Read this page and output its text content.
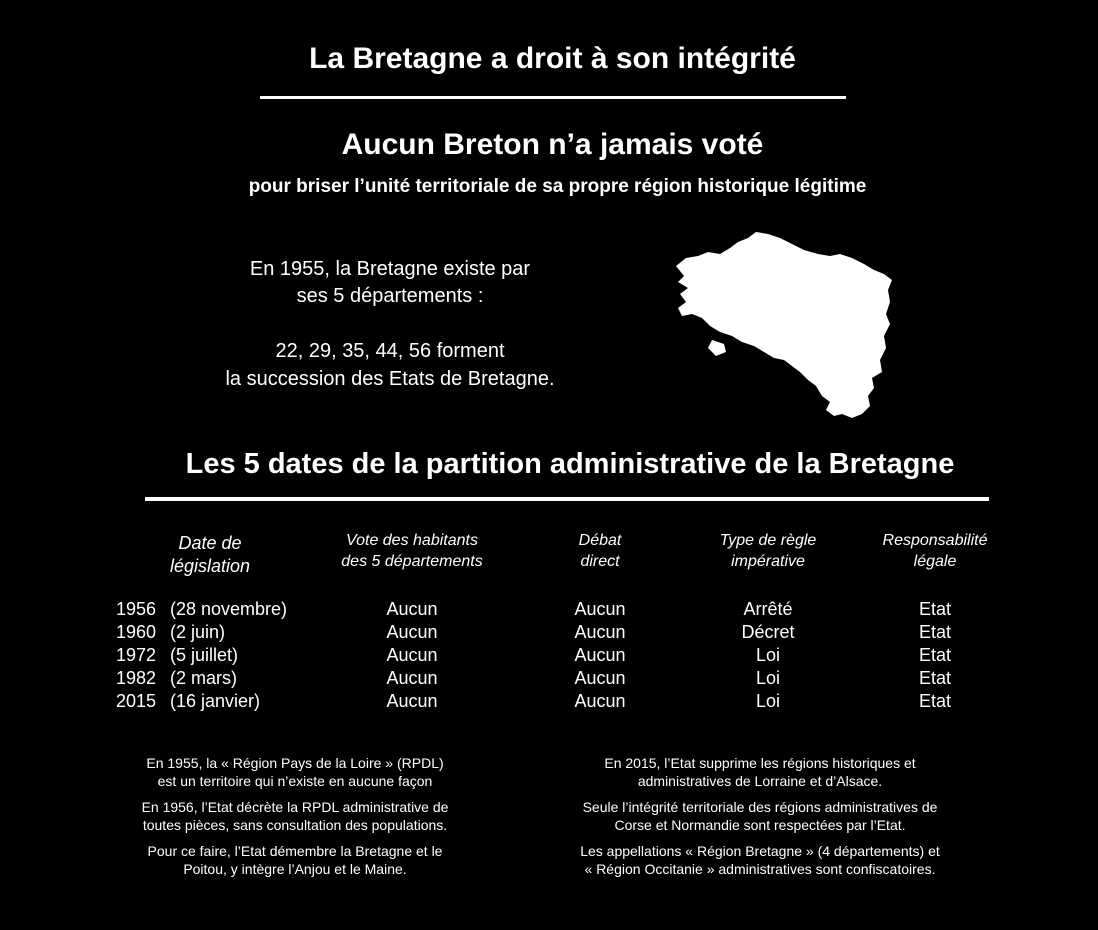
La Bretagne a droit à son intégrité
Aucun Breton n’a jamais voté
pour briser l’unité territoriale de sa propre région historique légitime
En 1955, la Bretagne existe par
ses 5 départements :
22, 29, 35, 44, 56 forment
la succession des Etats de Bretagne.
Les 5 dates de la partition administrative de la Bretagne
Date de
législation
Vote des habitants
des 5 départements
Débat
direct
Type de règle
impérative
Responsabilité
légale
1956 (28 novembre)	Aucun	Aucun	Arrêté	Etat
1960 (2 juin)	Aucun	Aucun	Décret	Etat
1972 (5 juillet)	Aucun	Aucun	Loi	Etat
1982 (2 mars)	Aucun	Aucun	Loi	Etat
2015 (16 janvier)	Aucun	Aucun	Loi	Etat

En 1955, la « Région Pays de la Loire » (RPDL)
est un territoire qui n’existe en aucune façon

En 1956, l’Etat décrète la RPDL administrative de
toutes pièces, sans consultation des populations.

Pour ce faire, l’Etat démembre la Bretagne et le
Poitou, y intègre l’Anjou et le Maine.

En 2015, l’Etat supprime les régions historiques et
administratives de Lorraine et d’Alsace.

Seule l’intégrité territoriale des régions administratives de
Corse et Normandie sont respectées par l’Etat.

Les appellations « Région Bretagne » (4 départements) et
« Région Occitanie » administratives sont confiscatoires.
